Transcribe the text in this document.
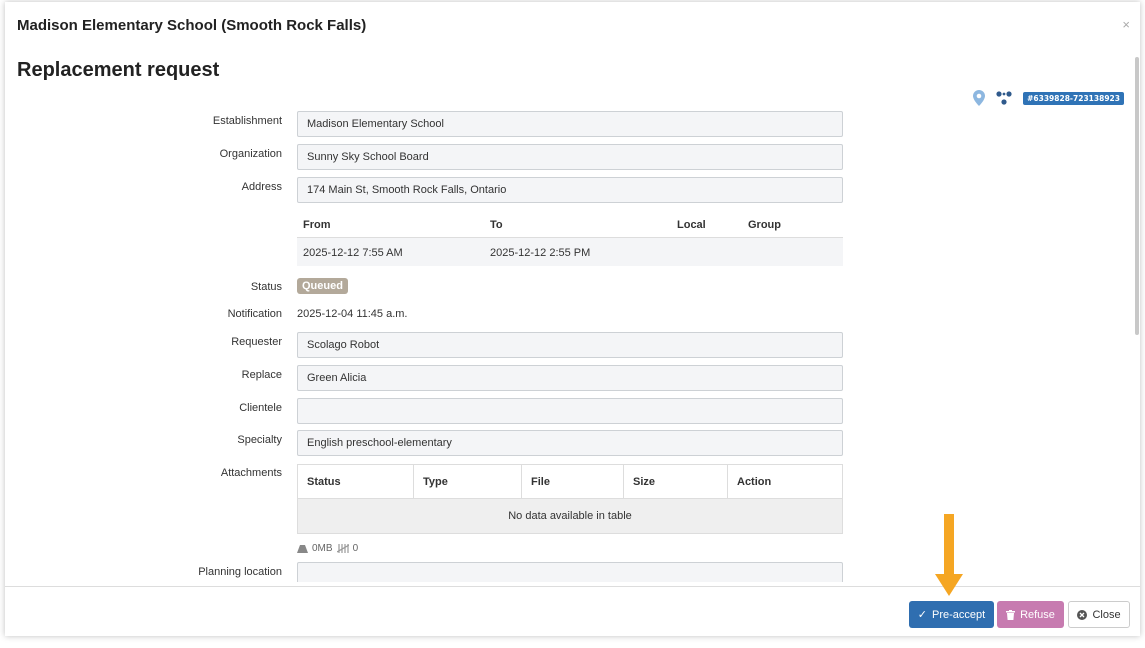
Madison Elementary School (Smooth Rock Falls)	×
Replacement request
#6339828-723138923
Establishment	Madison Elementary School
Organization	Sunny Sky School Board
Address	174 Main St, Smooth Rock Falls, Ontario
From	To	Local	Group
2025-12-12 7:55 AM	2025-12-12 2:55 PM
Status	Queued
Notification 2025-12-04 11:45 a.m.
Requester	Scolago Robot
Replace	Green Alicia
Clientele
Specialty	English preschool-elementary
Attachments
Status	Type	File	Size	Action
No data available in table
0MB 0
Planning location
✓ Pre-accept	Refuse	Close
